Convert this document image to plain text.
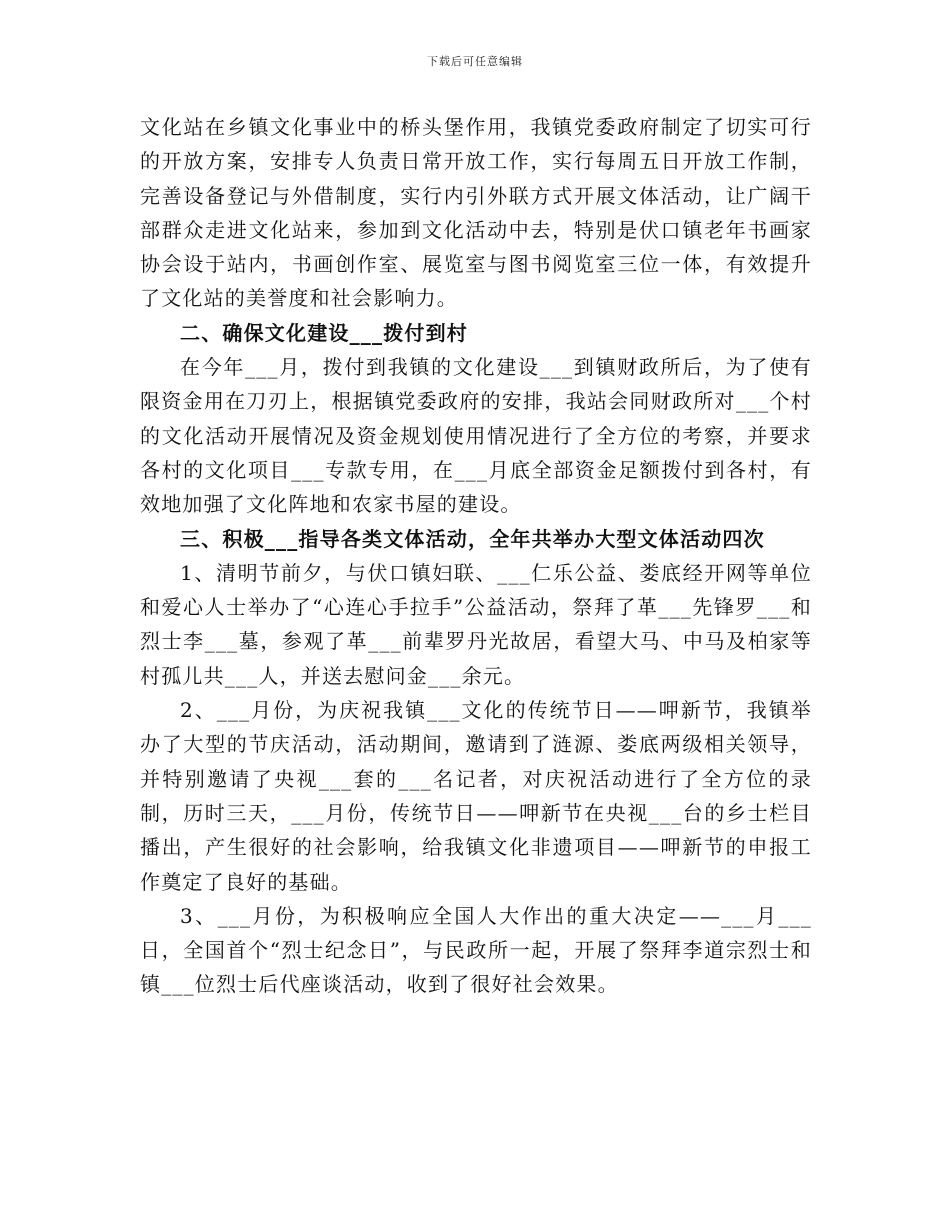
下载后可任意编辑

文化站在乡镇文化事业中的桥头堡作用，我镇党委政府制定了切实可行的开放方案，安排专人负责日常开放工作，实行每周五日开放工作制，完善设备登记与外借制度，实行内引外联方式开展文体活动，让广阔干部群众走进文化站来，参加到文化活动中去，特别是伏口镇老年书画家协会设于站内，书画创作室、展览室与图书阅览室三位一体，有效提升了文化站的美誉度和社会影响力。

二、确保文化建设___拨付到村

在今年___月，拨付到我镇的文化建设___到镇财政所后，为了使有限资金用在刀刃上，根据镇党委政府的安排，我站会同财政所对___个村的文化活动开展情况及资金规划使用情况进行了全方位的考察，并要求各村的文化项目___专款专用，在___月底全部资金足额拨付到各村，有效地加强了文化阵地和农家书屋的建设。

三、积极___指导各类文体活动，全年共举办大型文体活动四次

1、清明节前夕，与伏口镇妇联、___仁乐公益、娄底经开网等单位和爱心人士举办了“心连心手拉手”公益活动，祭拜了革___先锋罗___和烈士李___墓，参观了革___前辈罗丹光故居，看望大马、中马及柏家等村孤儿共___人，并送去慰问金___余元。

2、___月份，为庆祝我镇___文化的传统节日——呷新节，我镇举办了大型的节庆活动，活动期间，邀请到了涟源、娄底两级相关领导，并特别邀请了央视___套的___名记者，对庆祝活动进行了全方位的录制，历时三天，___月份，传统节日——呷新节在央视___台的乡士栏目播出，产生很好的社会影响，给我镇文化非遗项目——呷新节的申报工作奠定了良好的基础。

3、___月份，为积极响应全国人大作出的重大决定——___月___日，全国首个“烈士纪念日”，与民政所一起，开展了祭拜李道宗烈士和镇___位烈士后代座谈活动，收到了很好社会效果。
